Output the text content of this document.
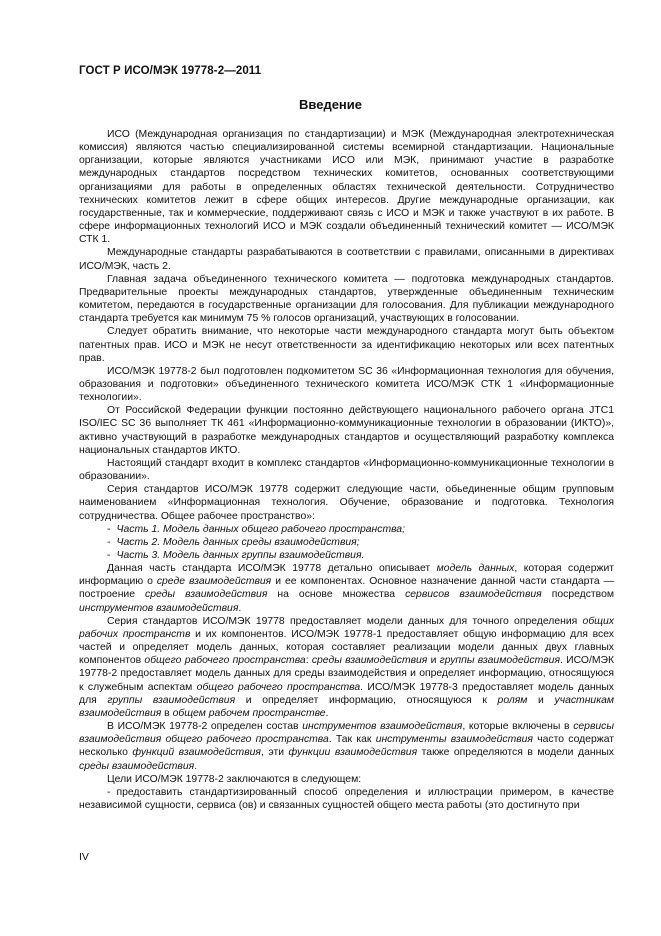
ГОСТ Р ИСО/МЭК 19778-2—2011
Введение

ИСО (Международная организация по стандартизации) и МЭК (Международная электротехническая комиссия) являются частью специализированной системы всемирной стандартизации. Национальные организации, которые являются участниками ИСО или МЭК, принимают участие в разработке международных стандартов посредством технических комитетов, основанных соответствующими организациями для работы в определенных областях технической деятельности. Сотрудничество технических комитетов лежит в сфере общих интересов. Другие международные организации, как государственные, так и коммерческие, поддерживают связь с ИСО и МЭК и также участвуют в их работе. В сфере информационных технологий ИСО и МЭК создали объединенный технический комитет — ИСО/МЭК СТК 1.

Международные стандарты разрабатываются в соответствии с правилами, описанными в директивах ИСО/МЭК, часть 2.

Главная задача объединенного технического комитета — подготовка международных стандартов. Предварительные проекты международных стандартов, утвержденные объединенным техническим комитетом, передаются в государственные организации для голосования. Для публикации международного стандарта требуется как минимум 75 % голосов организаций, участвующих в голосовании.

Следует обратить внимание, что некоторые части международного стандарта могут быть объектом патентных прав. ИСО и МЭК не несут ответственности за идентификацию некоторых или всех патентных прав.

ИСО/МЭК 19778-2 был подготовлен подкомитетом SC 36 «Информационная технология для обучения, образования и подготовки» объединенного технического комитета ИСО/МЭК СТК 1 «Информационные технологии».

От Российской Федерации функции постоянно действующего национального рабочего органа JTC1 ISO/IEC SC 36 выполняет ТК 461 «Информационно-коммуникационные технологии в образовании (ИКТО)», активно участвующий в разработке международных стандартов и осуществляющий разработку комплекса национальных стандартов ИКТО.

Настоящий стандарт входит в комплекс стандартов «Информационно-коммуникационные технологии в образовании».

Серия стандартов ИСО/МЭК 19778 содержит следующие части, обьединенные общим групповым наименованием «Информационная технология. Обучение, образование и подготовка. Технология сотрудничества. Общее рабочее пространство»:

- Часть 1. Модель данных общего рабочего пространства;

- Часть 2. Модель данных среды взаимодействия;

- Часть 3. Модель данных группы взаимодействия.

Данная часть стандарта ИСО/МЭК 19778 детально описывает модель данных, которая содержит информацию о среде взаимодействия и ее компонентах. Основное назначение данной части стандарта — построение среды взаимодействия на основе множества сервисов взаимодействия посредством инструментов взаимодействия.

Серия стандартов ИСО/МЭК 19778 предоставляет модели данных для точного определения общих рабочих пространств и их компонентов. ИСО/МЭК 19778-1 предоставляет общую информацию для всех частей и определяет модель данных, которая составляет реализации модели данных двух главных компонентов общего рабочего пространства: среды взаимодействия и группы взаимодействия. ИСО/МЭК 19778-2 предоставляет модель данных для среды взаимодействия и определяет информацию, относящуюся к служебным аспектам общего рабочего пространства. ИСО/МЭК 19778-3 предоставляет модель данных для группы взаимодействия и определяет информацию, относящуюся к ролям и участникам взаимодействия в общем рабочем пространстве.

В ИСО/МЭК 19778-2 определен состав инструментов взаимодействия, которые включены в сервисы взаимодействия общего рабочего пространства. Так как инструменты взаимодействия часто содержат несколько функций взаимодействия, эти функции взаимодействия также определяются в модели данных среды взаимодействия.

Цели ИСО/МЭК 19778-2 заключаются в следующем:

- предоставить стандартизированный способ определения и иллюстрации примером, в качестве независимой сущности, сервиса (ов) и связанных сущностей общего места работы (это достигнуто при

IV
